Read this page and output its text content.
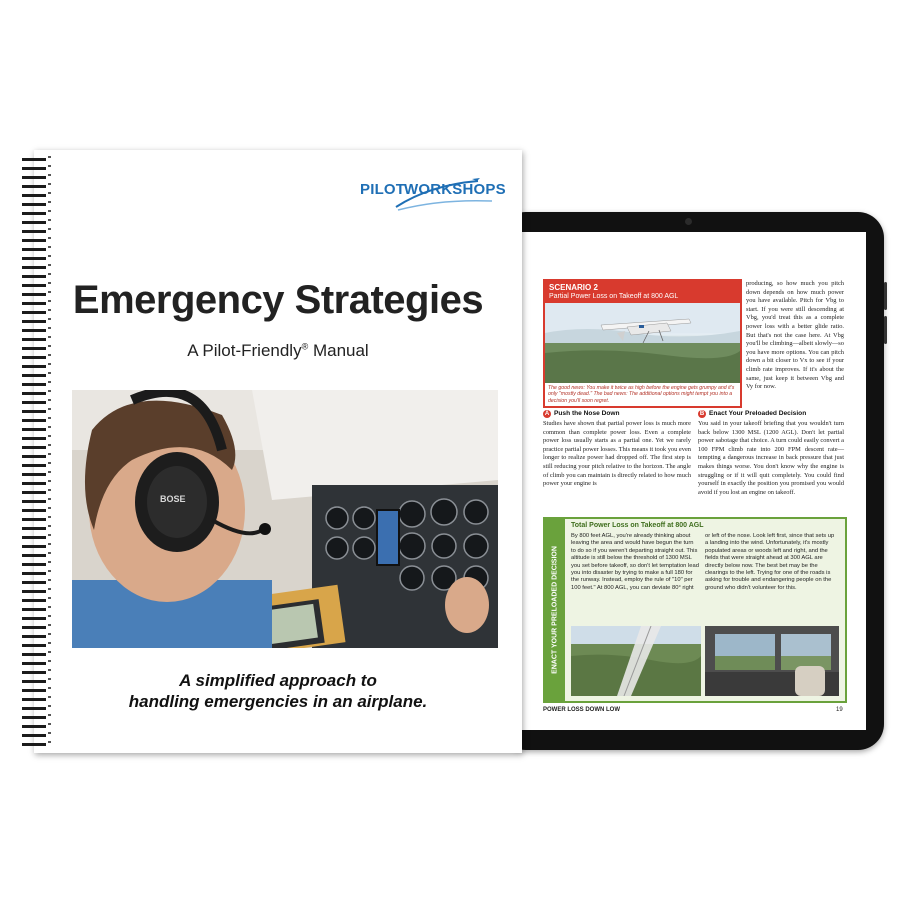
SCENARIO 2
Partial Power Loss on Takeoff at 800 AGL
The good news: You make it twice as high before the engine gets grumpy and it's only "mostly dead." The bad news: The additional options might tempt you into a decision you'll soon regret.
producing, so how much you pitch down depends on how much power you have available. Pitch for Vbg to start. If you were still descending at Vbg, you'd treat this as a complete power loss with a better glide ratio. But that's not the case here. At Vbg you'll be climbing—albeit slowly—so you have more options. You can pitch down a bit closer to Vx to see if your climb rate improves. If it's about the same, just keep it between Vbg and Vy for now.
A Push the Nose Down
Studies have shown that partial power loss is much more common than complete power loss. Even a complete power loss usually starts as a partial one. Yet we rarely practice partial power losses. This means it took you even longer to realize power had dropped off. The first step is still reducing your pitch relative to the horizon. The angle of climb you can maintain is directly related to how much power your engine is
B Enact Your Preloaded Decision
You said in your takeoff briefing that you wouldn't turn back below 1300 MSL (1200 AGL). Don't let partial power sabotage that choice. A turn could easily convert a 100 FPM climb rate into 200 FPM descent rate—tempting a dangerous increase in back pressure that just makes things worse. You don't know why the engine is struggling or if it will quit completely. You could find yourself in exactly the position you promised you would avoid if you lost an engine on takeoff.
ENACT YOUR PRELOADED DECISION
Total Power Loss on Takeoff at 800 AGL
By 800 feet AGL, you're already thinking about leaving the area and would have begun the turn to do so if you weren't departing straight out. This altitude is still below the threshold of 1300 MSL you set before takeoff, so don't let temptation lead you into disaster by trying to make a full 180 for the runway. Instead, employ the rule of "10" per 100 feet." At 800 AGL, you can deviate 80° right
or left of the nose. Look left first, since that sets up a landing into the wind. Unfortunately, it's mostly populated areas or woods left and right, and the fields that were straight ahead at 300 AGL are directly below now. The best bet may be the clearings to the left. Trying for one of the roads is asking for trouble and endangering people on the ground who didn't volunteer for this.
POWER LOSS DOWN LOW	19
PILOT
WORKSHOPS
Emergency Strategies
A Pilot-Friendly® Manual
BOSE
A simplified approach to
handling emergencies in an airplane.
